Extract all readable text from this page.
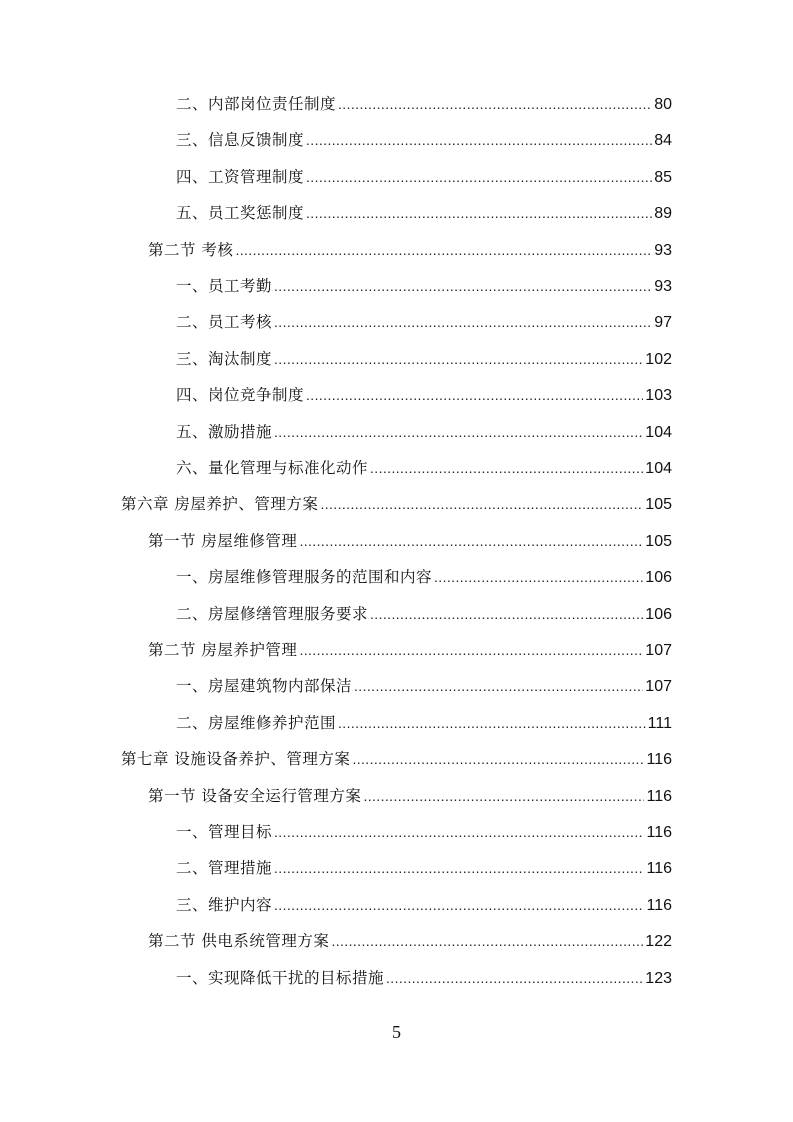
二、内部岗位责任制度 .....	80
三、信息反馈制度 .....	84
四、工资管理制度 .....	85
五、员工奖惩制度 .....	89
第二节 考核 .....	93
一、员工考勤 .....	93
二、员工考核 .....	97
三、淘汰制度 .....	102
四、岗位竞争制度 .....	103
五、激励措施 .....	104
六、量化管理与标准化动作 .....	104
第六章 房屋养护、管理方案 .....	105
第一节 房屋维修管理 .....	105
一、房屋维修管理服务的范围和内容 .....	106
二、房屋修缮管理服务要求 .....	106
第二节 房屋养护管理 .....	107
一、房屋建筑物内部保洁 .....	107
二、房屋维修养护范围 .....	111
第七章 设施设备养护、管理方案 .....	116
第一节 设备安全运行管理方案 .....	116
一、管理目标 .....	116
二、管理措施 .....	116
三、维护内容 .....	116
第二节 供电系统管理方案 .....	122
一、实现降低干扰的目标措施 .....	123
5
